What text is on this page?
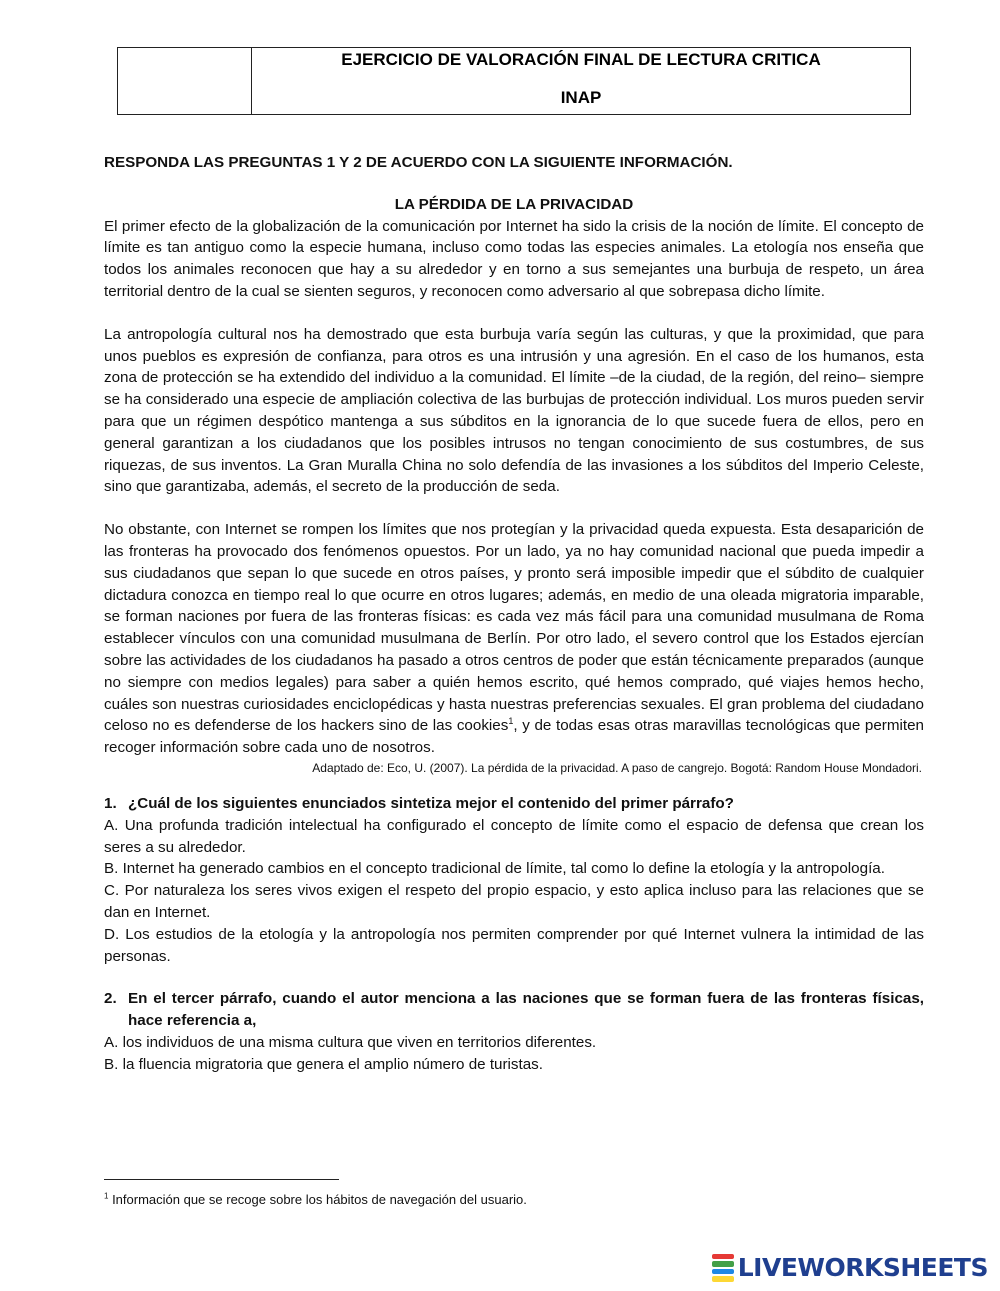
EJERCICIO DE VALORACIÓN FINAL DE LECTURA CRITICA
INAP
RESPONDA LAS PREGUNTAS 1 Y 2 DE ACUERDO CON LA SIGUIENTE INFORMACIÓN.
LA PÉRDIDA DE LA PRIVACIDAD

El primer efecto de la globalización de la comunicación por Internet ha sido la crisis de la noción de límite. El concepto de límite es tan antiguo como la especie humana, incluso como todas las especies animales. La etología nos enseña que todos los animales reconocen que hay a su alrededor y en torno a sus semejantes una burbuja de respeto, un área territorial dentro de la cual se sienten seguros, y reconocen como adversario al que sobrepasa dicho límite.

La antropología cultural nos ha demostrado que esta burbuja varía según las culturas, y que la proximidad, que para unos pueblos es expresión de confianza, para otros es una intrusión y una agresión. En el caso de los humanos, esta zona de protección se ha extendido del individuo a la comunidad. El límite –de la ciudad, de la región, del reino– siempre se ha considerado una especie de ampliación colectiva de las burbujas de protección individual. Los muros pueden servir para que un régimen despótico mantenga a sus súbditos en la ignorancia de lo que sucede fuera de ellos, pero en general garantizan a los ciudadanos que los posibles intrusos no tengan conocimiento de sus costumbres, de sus riquezas, de sus inventos. La Gran Muralla China no solo defendía de las invasiones a los súbditos del Imperio Celeste, sino que garantizaba, además, el secreto de la producción de seda.

No obstante, con Internet se rompen los límites que nos protegían y la privacidad queda expuesta. Esta desaparición de las fronteras ha provocado dos fenómenos opuestos. Por un lado, ya no hay comunidad nacional que pueda impedir a sus ciudadanos que sepan lo que sucede en otros países, y pronto será imposible impedir que el súbdito de cualquier dictadura conozca en tiempo real lo que ocurre en otros lugares; además, en medio de una oleada migratoria imparable, se forman naciones por fuera de las fronteras físicas: es cada vez más fácil para una comunidad musulmana de Roma establecer vínculos con una comunidad musulmana de Berlín. Por otro lado, el severo control que los Estados ejercían sobre las actividades de los ciudadanos ha pasado a otros centros de poder que están técnicamente preparados (aunque no siempre con medios legales) para saber a quién hemos escrito, qué hemos comprado, qué viajes hemos hecho, cuáles son nuestras curiosidades enciclopédicas y hasta nuestras preferencias sexuales. El gran problema del ciudadano celoso no es defenderse de los hackers sino de las cookies$^1$, y de todas esas otras maravillas tecnológicas que permiten recoger información sobre cada uno de nosotros.

Adaptado de: Eco, U. (2007). La pérdida de la privacidad. A paso de cangrejo. Bogotá: Random House Mondadori.
1. ¿Cuál de los siguientes enunciados sintetiza mejor el contenido del primer párrafo?
A. Una profunda tradición intelectual ha configurado el concepto de límite como el espacio de defensa que crean los seres a su alrededor.
B. Internet ha generado cambios en el concepto tradicional de límite, tal como lo define la etología y la antropología.
C. Por naturaleza los seres vivos exigen el respeto del propio espacio, y esto aplica incluso para las relaciones que se dan en Internet.
D. Los estudios de la etología y la antropología nos permiten comprender por qué Internet vulnera la intimidad de las personas.
2. En el tercer párrafo, cuando el autor menciona a las naciones que se forman fuera de las fronteras físicas, hace referencia a,
A. los individuos de una misma cultura que viven en territorios diferentes.
B. la fluencia migratoria que genera el amplio número de turistas.
$^1$ Información que se recoge sobre los hábitos de navegación del usuario.
LIVEWORKSHEETS
